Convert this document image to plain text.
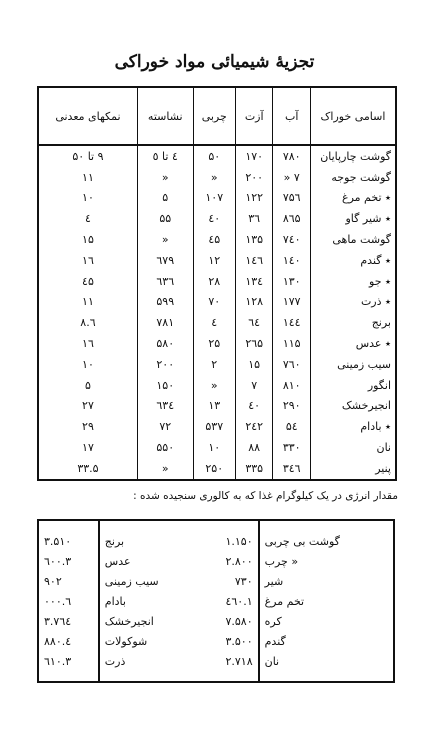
تجزیهٔ شیمیائی مواد خوراکی
اسامی خوراک	آب	آزت	چربی	نشاسته	نمکهای معدنی
گوشت چارپایان	۷۸۰	۱۷۰	۵۰	٤ تا ٥	۹ تا ۵۰
گوشت جوجه	۷ «	۲۰۰	«	«	۱۱
٭ تخم مرغ	۷۵٦	۱۲۲	۱۰۷	۵	۱۰
٭ شیر گاو	۸٦۵	۳٦	٤۰	۵۵	٤
گوشت ماهی	۷٤۰	۱۳۵	٤۵	«	۱۵
٭ گندم	۱٤۰	۱٤٦	۱۲	٦۷۹	۱٦
٭ جو	۱۳۰	۱۳٤	۲۸	٦۳٦	٤۵
٭ ذرت	۱۷۷	۱۲۸	۷۰	۵۹۹	۱۱
برنج	۱٤٤	٦٤	٤	۷۸۱	٦.۸
٭ عدس	۱۱۵	۲٦۵	۲۵	۵۸۰	۱٦
سیب زمینی	۷٦۰	۱۵	۲	۲۰۰	۱۰
انگور	۸۱۰	۷	«	۱۵۰	۵
انجیرخشک	۲۹۰	٤۰	۱۳	٦۳٤	۲۷
٭ بادام	۵٤	۲٤۲	۵۳۷	۷۲	۲۹
نان	۳۳۰	۸۸	۱۰	۵۵۰	۱۷
پنیر	۳٤٦	۳۳۵	۲۵۰	«	۳۳.۵
مقدار انرژی در یک کیلوگرام غذا که به کالوری سنجیده شده :
گوشت بی چربی	۱.۱۵۰	برنج	۳.۵۱۰
« چرب	۲.۸۰۰	عدس	۳.٦۰۰
شیر	۷۳۰	سیب زمینی	۹۰۲
تخم مرغ	۱.٤٦۰	بادام	٦.۰۰۰
کره	۷.۵۸۰	انجیرخشک	۳.۷٦٤
گندم	۳.۵۰۰	شوکولات	٤.۸۸۰
نان	۲.۷۱۸	ذرت	۳.٦۱۰
